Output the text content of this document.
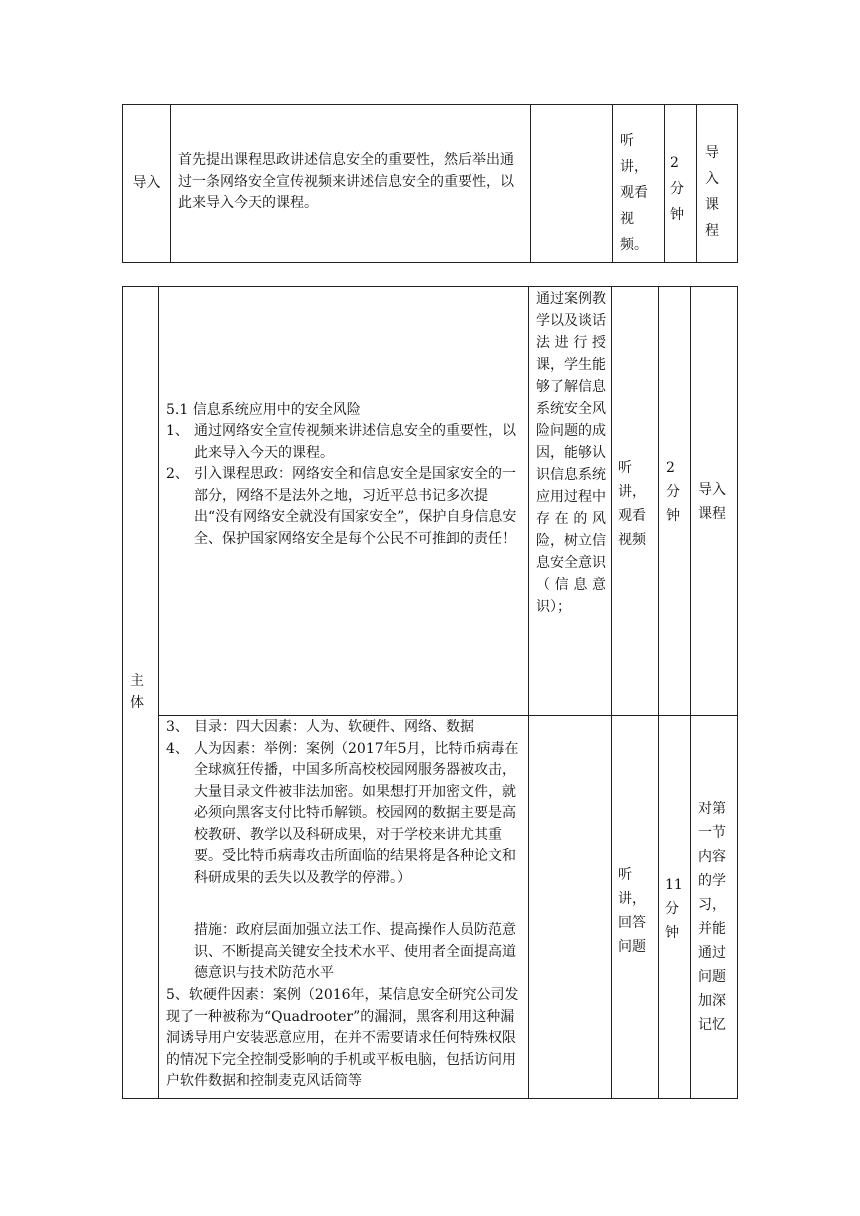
导入
首先提出课程思政讲述信息安全的重要性，然后举出通过一条网络安全宣传视频来讲述信息安全的重要性，以此来导入今天的课程。
听讲，观看视频。
2分钟
导入课程
主体
5.1 信息系统应用中的安全风险
1、 通过网络安全宣传视频来讲述信息安全的重要性，以此来导入今天的课程。
2、 引入课程思政：网络安全和信息安全是国家安全的一部分，网络不是法外之地，习近平总书记多次提出“没有网络安全就没有国家安全”，保护自身信息安全、保护国家网络安全是每个公民不可推卸的责任！
通过案例教学以及谈话法进行授课，学生能够了解信息系统安全风险问题的成因，能够认识信息系统应用过程中存在的风险，树立信息安全意识（信息意识）；
听讲，观看视频
2分钟
导入课程
3、 目录：四大因素：人为、软硬件、网络、数据
4、 人为因素：举例：案例（2017年5月，比特币病毒在全球疯狂传播，中国多所高校校园网服务器被攻击，大量目录文件被非法加密。如果想打开加密文件，就必须向黑客支付比特币解锁。校园网的数据主要是高校教研、教学以及科研成果，对于学校来讲尤其重要。受比特币病毒攻击所面临的结果将是各种论文和科研成果的丢失以及教学的停滞。）
措施：政府层面加强立法工作、提高操作人员防范意识、不断提高关键安全技术水平、使用者全面提高道德意识与技术防范水平
5、软硬件因素：案例（2016年，某信息安全研究公司发现了一种被称为“Quadrooter”的漏洞，黑客利用这种漏洞诱导用户安装恶意应用，在并不需要请求任何特殊权限的情况下完全控制受影响的手机或平板电脑，包括访问用户软件数据和控制麦克风话筒等
听讲，回答问题
11分钟
对第一节内容的学习，并能通过问题加深记忆
